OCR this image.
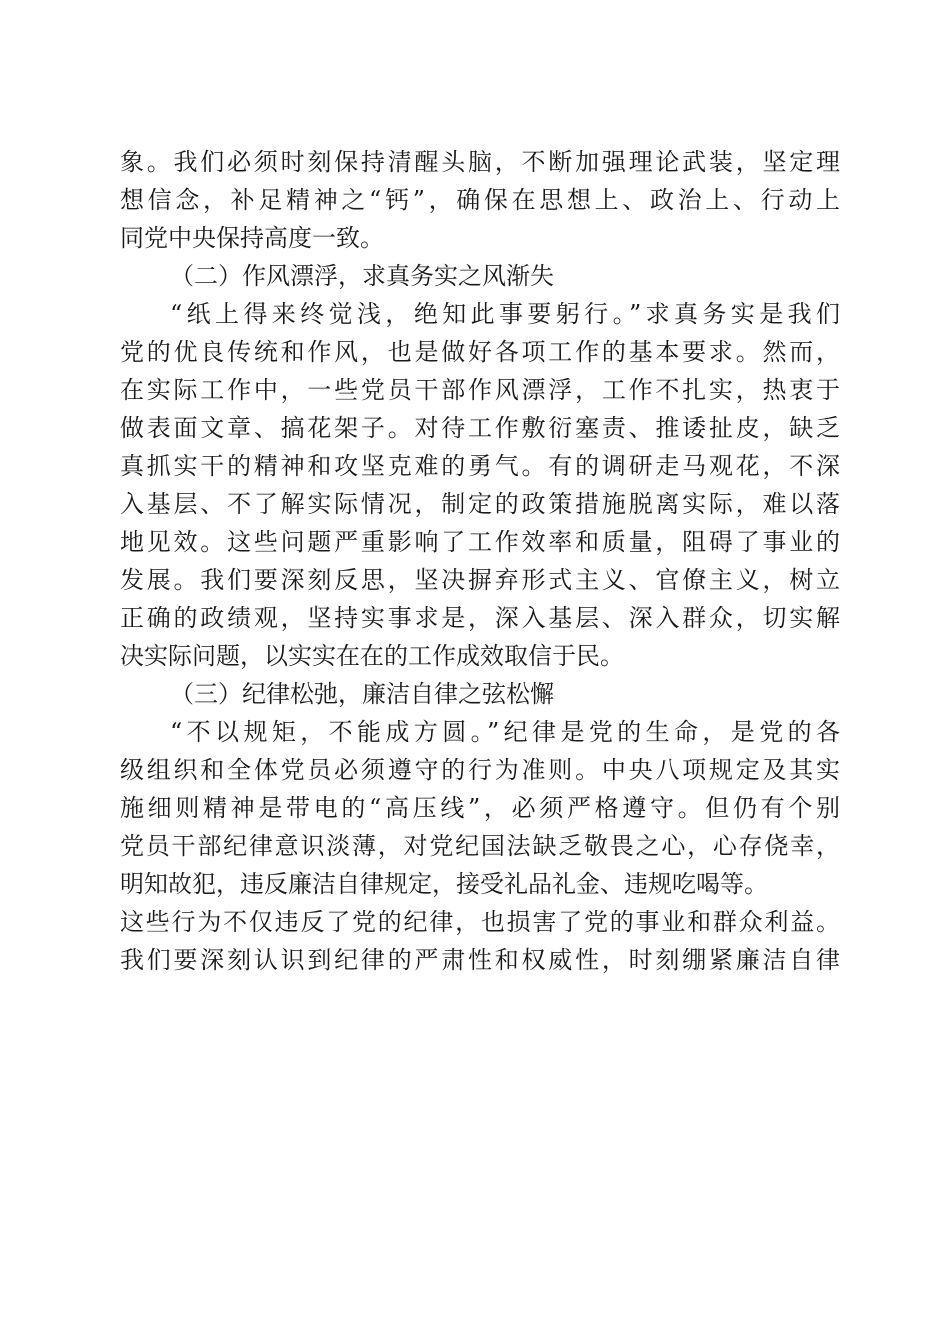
象。我们必须时刻保持清醒头脑，不断加强理论武装，坚定理

想信念，补足精神之“钙”，确保在思想上、政治上、行动上

同党中央保持高度一致。

（二）作风漂浮，求真务实之风渐失

“纸上得来终觉浅，绝知此事要躬行。”求真务实是我们

党的优良传统和作风，也是做好各项工作的基本要求。然而，

在实际工作中，一些党员干部作风漂浮，工作不扎实，热衷于

做表面文章、搞花架子。对待工作敷衍塞责、推诿扯皮，缺乏

真抓实干的精神和攻坚克难的勇气。有的调研走马观花，不深

入基层、不了解实际情况，制定的政策措施脱离实际，难以落

地见效。这些问题严重影响了工作效率和质量，阻碍了事业的

发展。我们要深刻反思，坚决摒弃形式主义、官僚主义，树立

正确的政绩观，坚持实事求是，深入基层、深入群众，切实解

决实际问题，以实实在在的工作成效取信于民。

（三）纪律松弛，廉洁自律之弦松懈

“不以规矩，不能成方圆。”纪律是党的生命，是党的各

级组织和全体党员必须遵守的行为准则。中央八项规定及其实

施细则精神是带电的“高压线”，必须严格遵守。但仍有个别

党员干部纪律意识淡薄，对党纪国法缺乏敬畏之心，心存侥幸，

明知故犯，违反廉洁自律规定，接受礼品礼金、违规吃喝等。

这些行为不仅违反了党的纪律，也损害了党的事业和群众利益。

我们要深刻认识到纪律的严肃性和权威性，时刻绷紧廉洁自律
